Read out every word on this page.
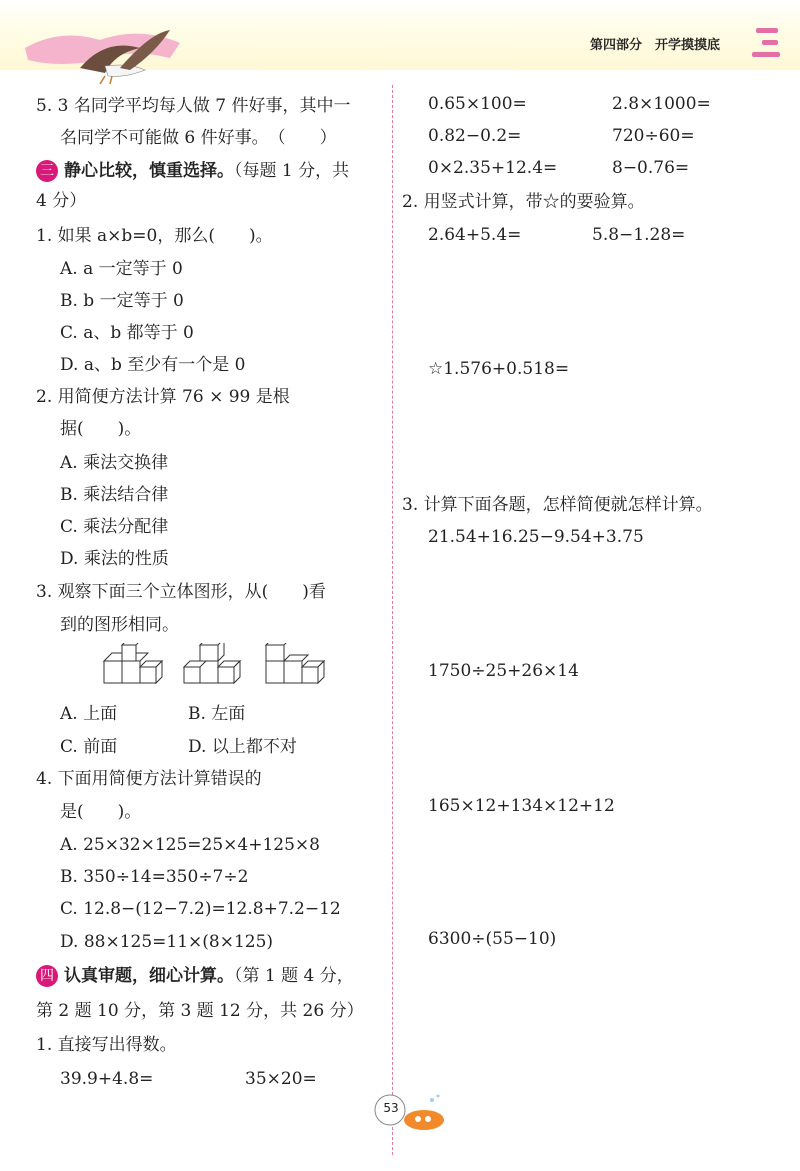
第四部分　开学摸摸底
5. 3 名同学平均每人做 7 件好事，其中一
名同学不可能做 6 件好事。　（　　）
三 静心比较，慎重选择。（每题 1 分，共
4 分）
1. 如果 a×b=0，那么(　　)。
A. a 一定等于 0
B. b 一定等于 0
C. a、b 都等于 0
D. a、b 至少有一个是 0
2. 用简便方法计算 76 × 99 是根
据(　　)。
A. 乘法交换律
B. 乘法结合律
C. 乘法分配律
D. 乘法的性质
3. 观察下面三个立体图形，从(　　)看
到的图形相同。
A. 上面	B. 左面
C. 前面	D. 以上都不对
4. 下面用简便方法计算错误的
是(　　)。
A. 25×32×125=25×4+125×8
B. 350÷14=350÷7÷2
C. 12.8−(12−7.2)=12.8+7.2−12
D. 88×125=11×(8×125)
四 认真审题，细心计算。（第 1 题 4 分，
第 2 题 10 分，第 3 题 12 分，共 26 分）
1. 直接写出得数。
39.9+4.8=	35×20=
0.65×100=	2.8×1000=
0.82−0.2=	720÷60=
0×2.35+12.4=	8−0.76=
2. 用竖式计算，带☆的要验算。
2.64+5.4=	5.8−1.28=
☆1.576+0.518=
3. 计算下面各题，怎样简便就怎样计算。
21.54+16.25−9.54+3.75
1750÷25+26×14
165×12+134×12+12
6300÷(55−10)
53
